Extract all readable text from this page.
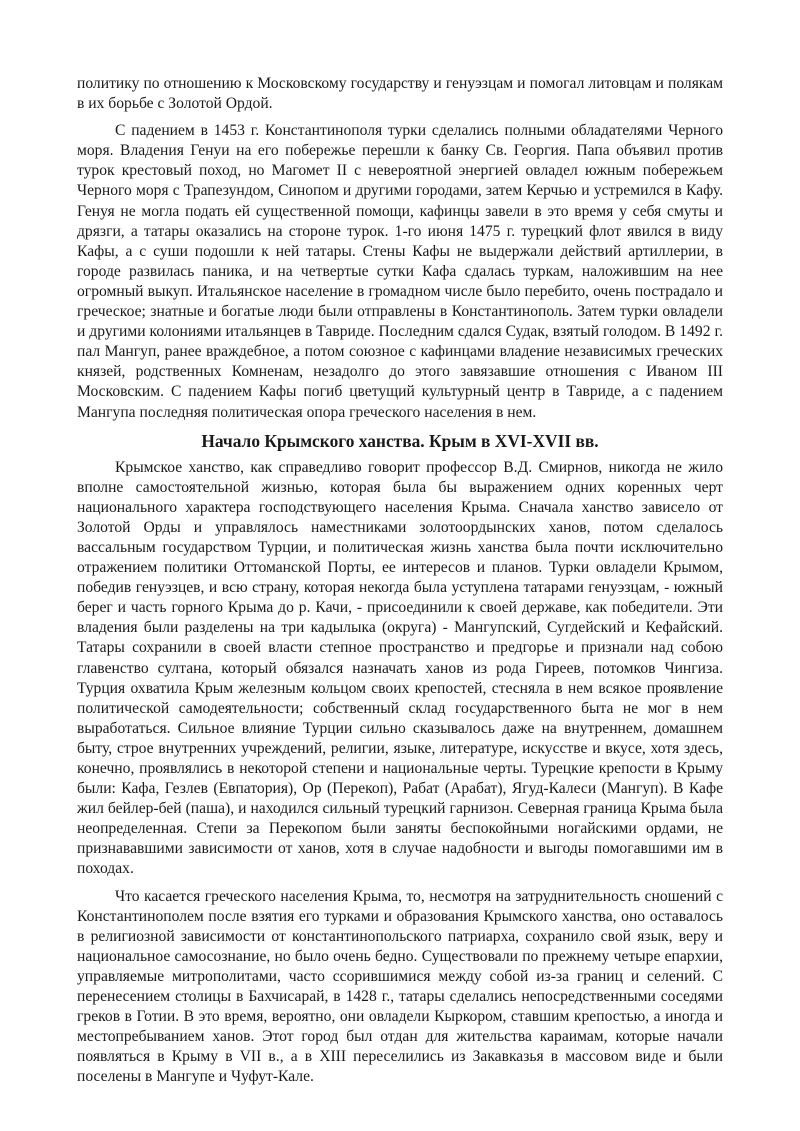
политику по отношению к Московскому государству и генуэзцам и помогал литовцам и полякам в их борьбе с Золотой Ордой.

С падением в 1453 г. Константинополя турки сделались полными обладателями Черного моря. Владения Генуи на его побережье перешли к банку Св. Георгия. Папа объявил против турок крестовый поход, но Магомет II с невероятной энергией овладел южным побережьем Черного моря с Трапезундом, Синопом и другими городами, затем Керчью и устремился в Кафу. Генуя не могла подать ей существенной помощи, кафинцы завели в это время у себя смуты и дрязги, а татары оказались на стороне турок. 1-го июня 1475 г. турецкий флот явился в виду Кафы, а с суши подошли к ней татары. Стены Кафы не выдержали действий артиллерии, в городе развилась паника, и на четвертые сутки Кафа сдалась туркам, наложившим на нее огромный выкуп. Итальянское население в громадном числе было перебито, очень пострадало и греческое; знатные и богатые люди были отправлены в Константинополь. Затем турки овладели и другими колониями итальянцев в Тавриде. Последним сдался Судак, взятый голодом. В 1492 г. пал Мангуп, ранее враждебное, а потом союзное с кафинцами владение независимых греческих князей, родственных Комненам, незадолго до этого завязавшие отношения с Иваном III Московским. С падением Кафы погиб цветущий культурный центр в Тавриде, а с падением Мангупа последняя политическая опора греческого населения в нем.

Начало Крымского ханства. Крым в XVI-XVII вв.

Крымское ханство, как справедливо говорит профессор В.Д. Смирнов, никогда не жило вполне самостоятельной жизнью, которая была бы выражением одних коренных черт национального характера господствующего населения Крыма. Сначала ханство зависело от Золотой Орды и управлялось наместниками золотоордынских ханов, потом сделалось вассальным государством Турции, и политическая жизнь ханства была почти исключительно отражением политики Оттоманской Порты, ее интересов и планов. Турки овладели Крымом, победив генуэзцев, и всю страну, которая некогда была уступлена татарами генуэзцам, - южный берег и часть горного Крыма до р. Качи, - присоединили к своей державе, как победители. Эти владения были разделены на три кадылыка (округа) - Мангупский, Сугдейский и Кефайский. Татары сохранили в своей власти степное пространство и предгорье и признали над собою главенство султана, который обязался назначать ханов из рода Гиреев, потомков Чингиза. Турция охватила Крым железным кольцом своих крепостей, стесняла в нем всякое проявление политической самодеятельности; собственный склад государственного быта не мог в нем выработаться. Сильное влияние Турции сильно сказывалось даже на внутреннем, домашнем быту, строе внутренних учреждений, религии, языке, литературе, искусстве и вкусе, хотя здесь, конечно, проявлялись в некоторой степени и национальные черты. Турецкие крепости в Крыму были: Кафа, Гезлев (Евпатория), Ор (Перекоп), Рабат (Арабат), Ягуд-Калеси (Мангуп). В Кафе жил бейлер-бей (паша), и находился сильный турецкий гарнизон. Северная граница Крыма была неопределенная. Степи за Перекопом были заняты беспокойными ногайскими ордами, не признававшими зависимости от ханов, хотя в случае надобности и выгоды помогавшими им в походах.

Что касается греческого населения Крыма, то, несмотря на затруднительность сношений с Константинополем после взятия его турками и образования Крымского ханства, оно оставалось в религиозной зависимости от константинопольского патриарха, сохранило свой язык, веру и национальное самосознание, но было очень бедно. Существовали по прежнему четыре епархии, управляемые митрополитами, часто ссорившимися между собой из-за границ и селений. С перенесением столицы в Бахчисарай, в 1428 г., татары сделались непосредственными соседями греков в Готии. В это время, вероятно, они овладели Кыркором, ставшим крепостью, а иногда и местопребыванием ханов. Этот город был отдан для жительства караимам, которые начали появляться в Крыму в VII в., а в XIII переселились из Закавказья в массовом виде и были поселены в Мангупе и Чуфут-Кале.
